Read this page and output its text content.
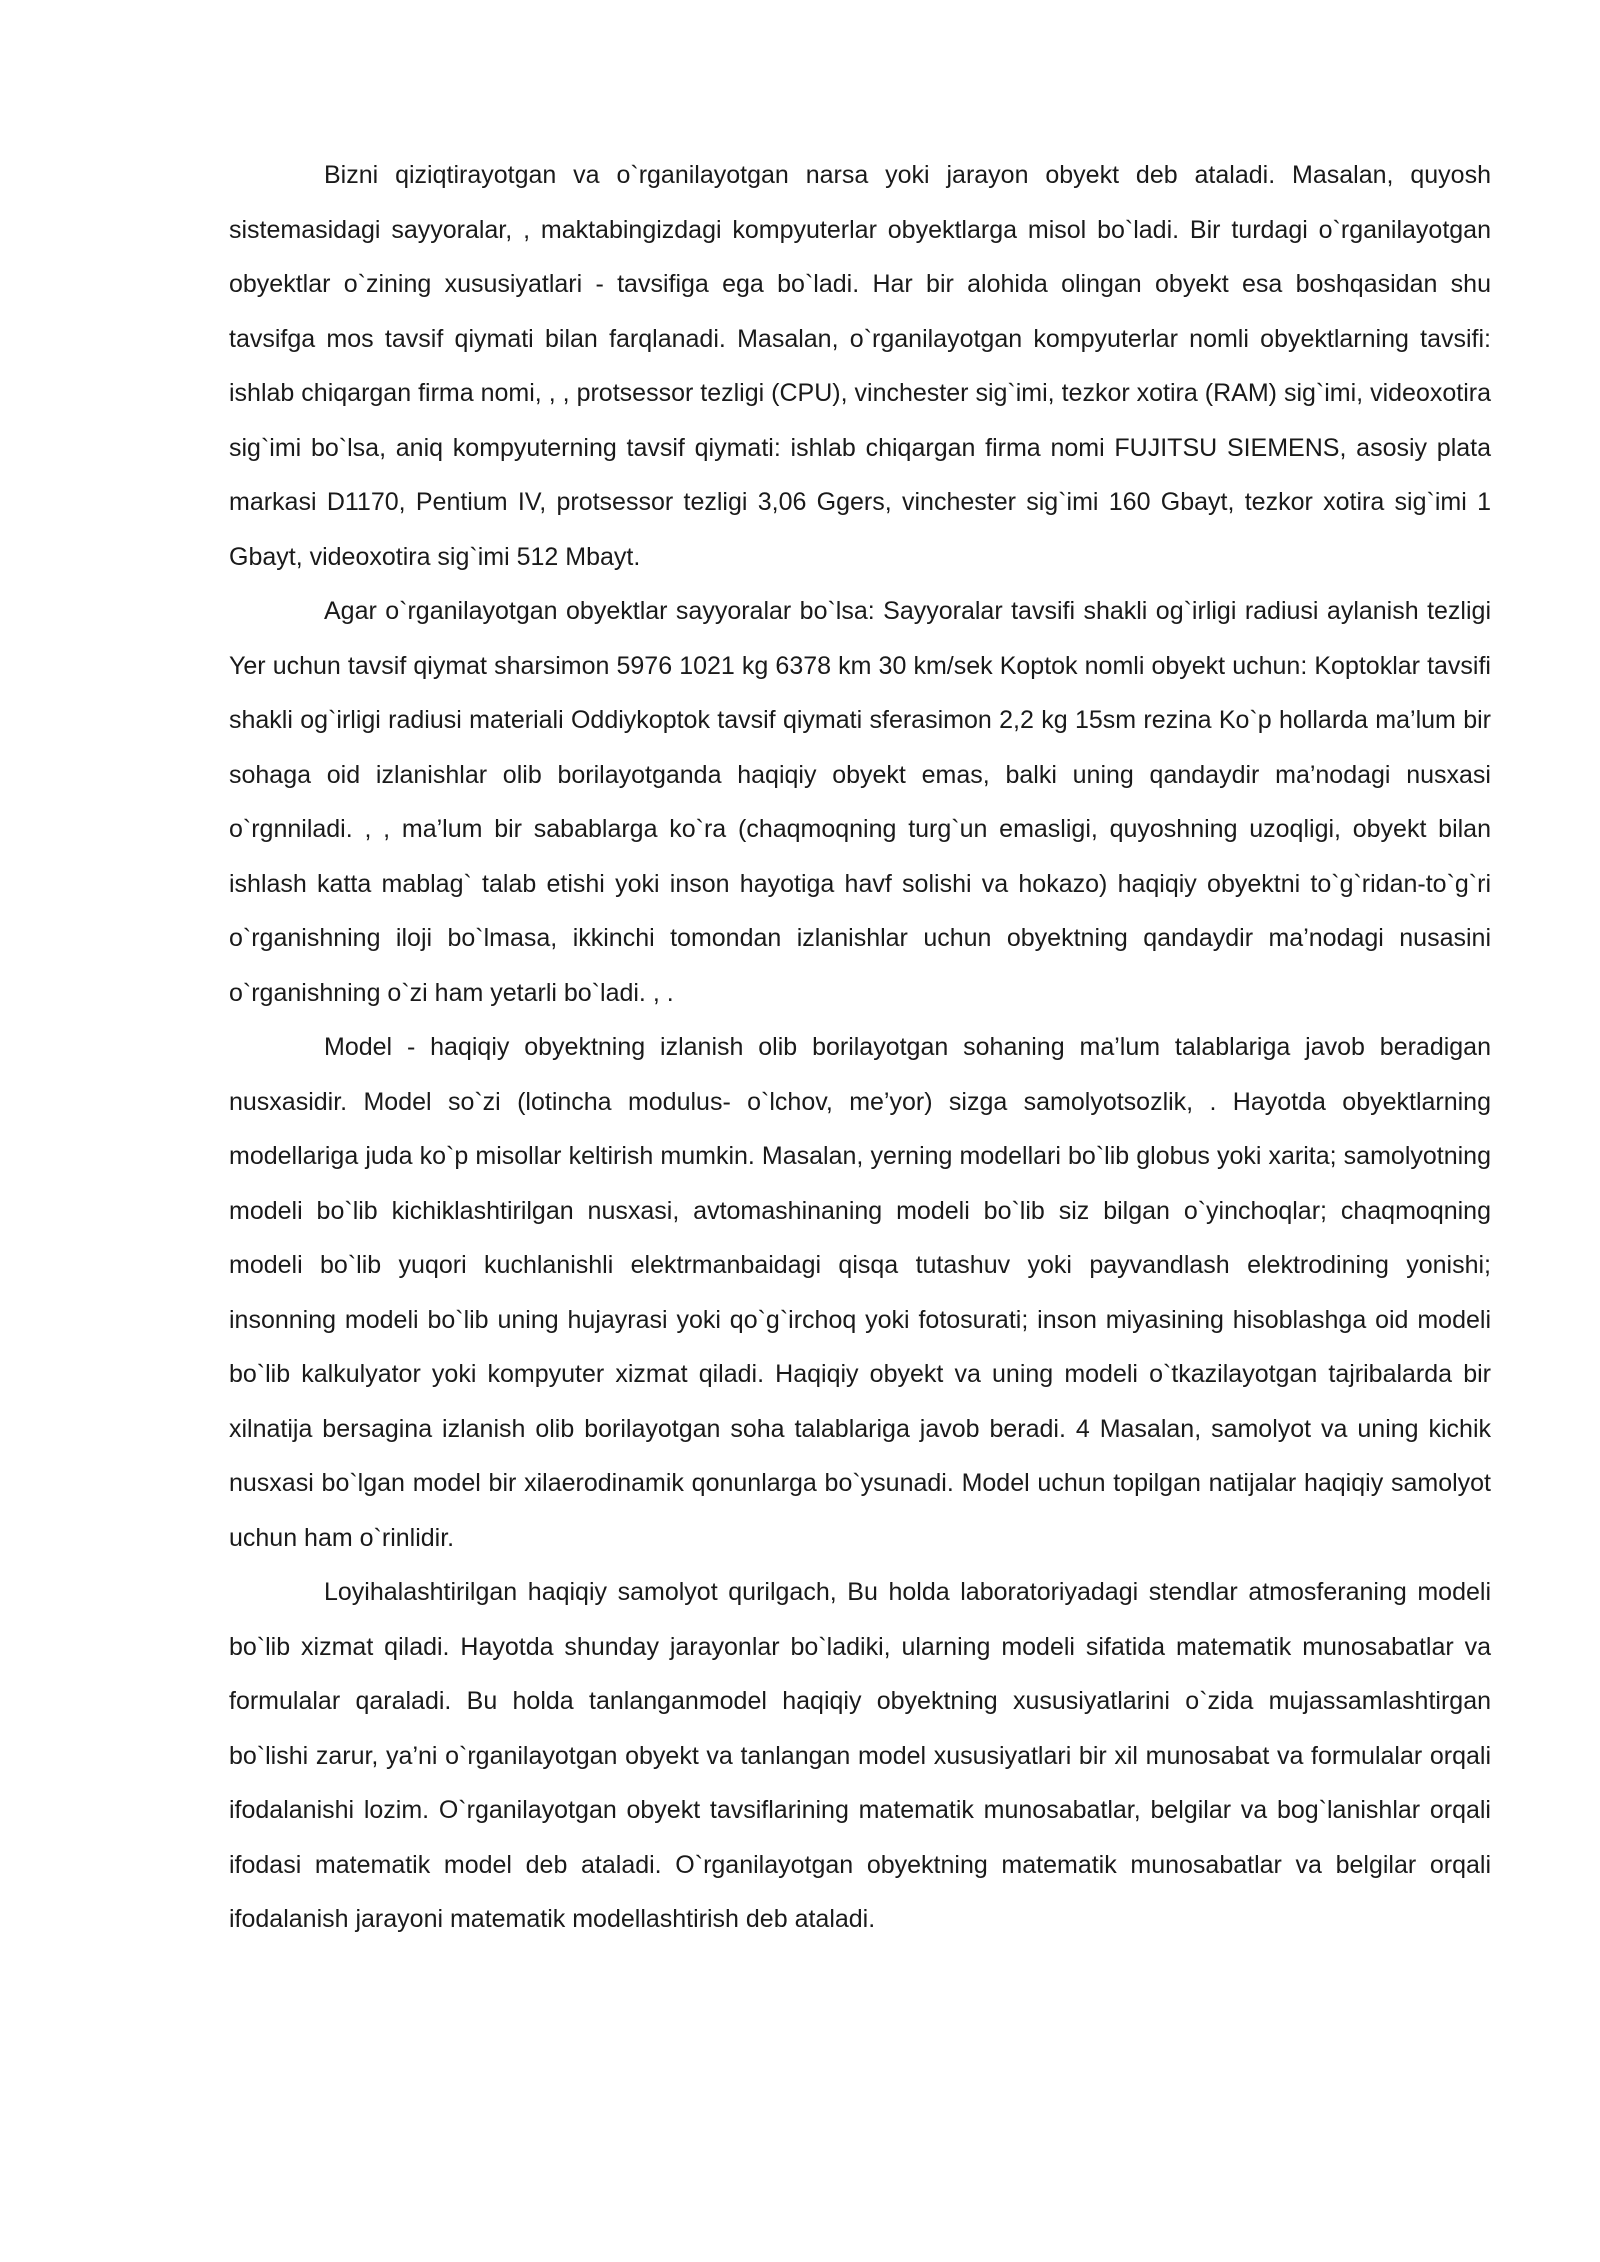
Bizni qiziqtirayotgan va o`rganilayotgan narsa yoki jarayon obyekt deb ataladi. Masalan, quyosh sistemasidagi sayyoralar, , maktabingizdagi kompyuterlar obyektlarga misol bo`ladi. Bir turdagi o`rganilayotgan obyektlar o`zining xususiyatlari - tavsifiga ega bo`ladi. Har bir alohida olingan obyekt esa boshqasidan shu tavsifga mos tavsif qiymati bilan farqlanadi. Masalan, o`rganilayotgan kompyuterlar nomli obyektlarning tavsifi: ishlab chiqargan firma nomi, , , protsessor tezligi (CPU), vinchester sig`imi, tezkor xotira (RAM) sig`imi, videoxotira sig`imi bo`lsa, aniq kompyuterning tavsif qiymati: ishlab chiqargan firma nomi FUJITSU SIEMENS, asosiy plata markasi D1170, Pentium IV, protsessor tezligi 3,06 Ggers, vinchester sig`imi 160 Gbayt, tezkor xotira sig`imi 1 Gbayt, videoxotira sig`imi 512 Mbayt.

Agar o`rganilayotgan obyektlar sayyoralar bo`lsa: Sayyoralar tavsifi shakli og`irligi radiusi aylanish tezligi Yer uchun tavsif qiymat sharsimon 5976 1021 kg 6378 km 30 km/sek Koptok nomli obyekt uchun: Koptoklar tavsifi shakli og`irligi radiusi materiali Oddiykoptok tavsif qiymati sferasimon 2,2 kg 15sm rezina Ko`p hollarda ma’lum bir sohaga oid izlanishlar olib borilayotganda haqiqiy obyekt emas, balki uning qandaydir ma’nodagi nusxasi o`rgnniladi. , , ma’lum bir sabablarga ko`ra (chaqmoqning turg`un emasligi, quyoshning uzoqligi, obyekt bilan ishlash katta mablag` talab etishi yoki inson hayotiga havf solishi va hokazo) haqiqiy obyektni to`g`ridan-to`g`ri o`rganishning iloji bo`lmasa, ikkinchi tomondan izlanishlar uchun obyektning qandaydir ma’nodagi nusasini o`rganishning o`zi ham yetarli bo`ladi. , .

Model - haqiqiy obyektning izlanish olib borilayotgan sohaning ma’lum talablariga javob beradigan nusxasidir. Model so`zi (lotincha modulus- o`lchov, me’yor) sizga samolyotsozlik, . Hayotda obyektlarning modellariga juda ko`p misollar keltirish mumkin. Masalan, yerning modellari bo`lib globus yoki xarita; samolyotning modeli bo`lib kichiklashtirilgan nusxasi, avtomashinaning modeli bo`lib siz bilgan o`yinchoqlar; chaqmoqning modeli bo`lib yuqori kuchlanishli elektrmanbaidagi qisqa tutashuv yoki payvandlash elektrodining yonishi; insonning modeli bo`lib uning hujayrasi yoki qo`g`irchoq yoki fotosurati; inson miyasining hisoblashga oid modeli bo`lib kalkulyator yoki kompyuter xizmat qiladi. Haqiqiy obyekt va uning modeli o`tkazilayotgan tajribalarda bir xilnatija bersagina izlanish olib borilayotgan soha talablariga javob beradi. 4 Masalan, samolyot va uning kichik nusxasi bo`lgan model bir xilaerodinamik qonunlarga bo`ysunadi. Model uchun topilgan natijalar haqiqiy samolyot uchun ham o`rinlidir.

Loyihalashtirilgan haqiqiy samolyot qurilgach, Bu holda laboratoriyadagi stendlar atmosferaning modeli bo`lib xizmat qiladi. Hayotda shunday jarayonlar bo`ladiki, ularning modeli sifatida matematik munosabatlar va formulalar qaraladi. Bu holda tanlanganmodel haqiqiy obyektning xususiyatlarini o`zida mujassamlashtirgan bo`lishi zarur, ya’ni o`rganilayotgan obyekt va tanlangan model xususiyatlari bir xil munosabat va formulalar orqali ifodalanishi lozim. O`rganilayotgan obyekt tavsiflarining matematik munosabatlar, belgilar va bog`lanishlar orqali ifodasi matematik model deb ataladi. O`rganilayotgan obyektning matematik munosabatlar va belgilar orqali ifodalanish jarayoni matematik modellashtirish deb ataladi.
